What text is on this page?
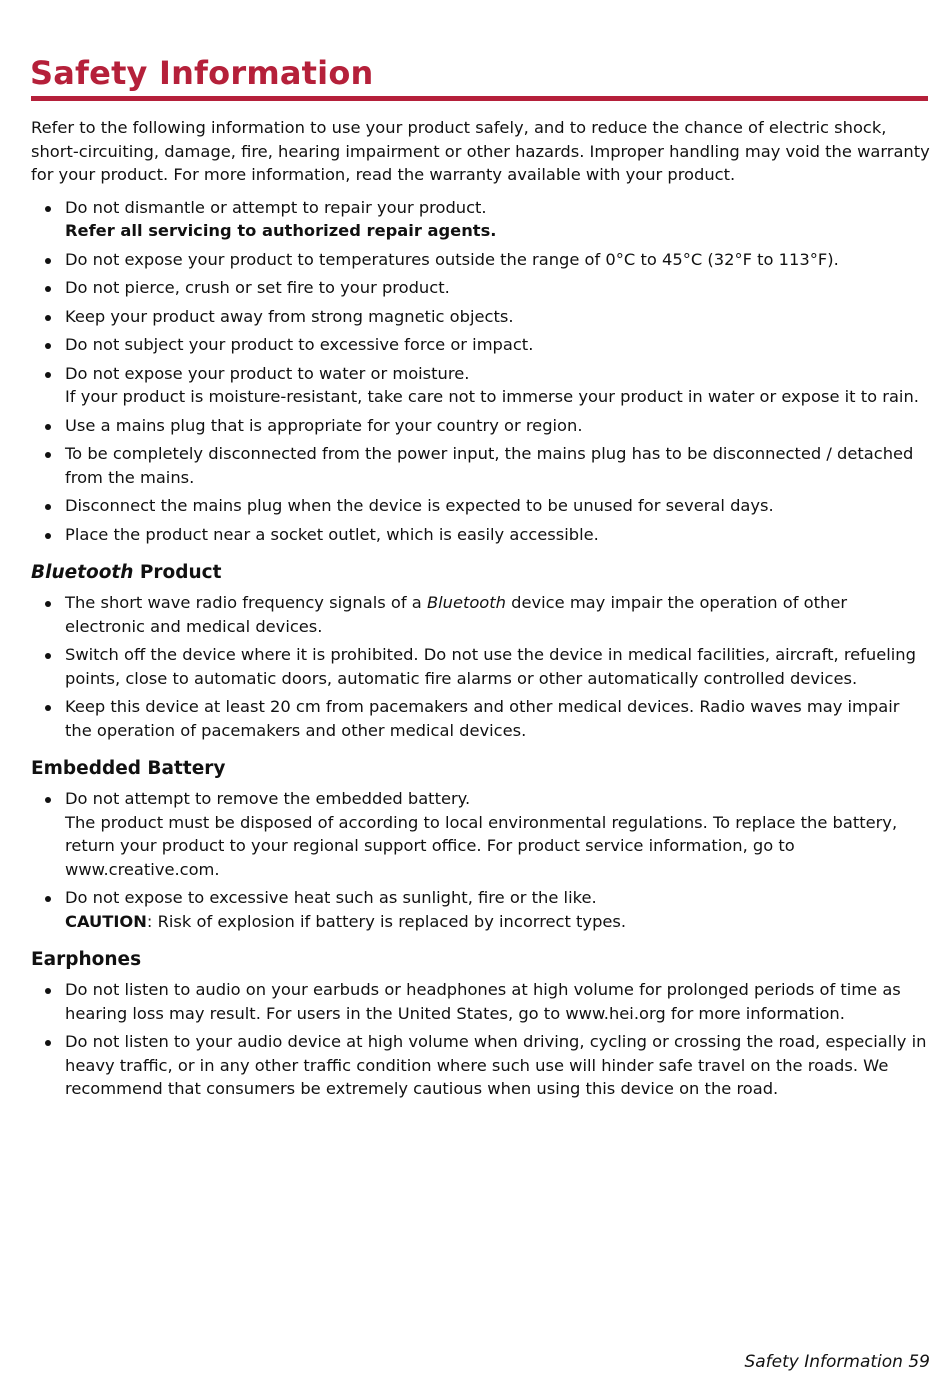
Safety Information

Refer to the following information to use your product safely, and to reduce the chance of electric shock, short-circuiting, damage, fire, hearing impairment or other hazards. Improper handling may void the warranty for your product. For more information, read the warranty available with your product.

Do not dismantle or attempt to repair your product.
Refer all servicing to authorized repair agents.
Do not expose your product to temperatures outside the range of 0°C to 45°C (32°F to 113°F).
Do not pierce, crush or set fire to your product.
Keep your product away from strong magnetic objects.
Do not subject your product to excessive force or impact.
Do not expose your product to water or moisture.
If your product is moisture-resistant, take care not to immerse your product in water or expose it to rain.
Use a mains plug that is appropriate for your country or region.
To be completely disconnected from the power input, the mains plug has to be disconnected / detached from the mains.
Disconnect the mains plug when the device is expected to be unused for several days.
Place the product near a socket outlet, which is easily accessible.
Bluetooth Product
The short wave radio frequency signals of a Bluetooth device may impair the operation of other electronic and medical devices.
Switch off the device where it is prohibited. Do not use the device in medical facilities, aircraft, refueling points, close to automatic doors, automatic fire alarms or other automatically controlled devices.
Keep this device at least 20 cm from pacemakers and other medical devices. Radio waves may impair the operation of pacemakers and other medical devices.
Embedded Battery
Do not attempt to remove the embedded battery.
The product must be disposed of according to local environmental regulations. To replace the battery, return your product to your regional support office. For product service information, go to www.creative.com.
Do not expose to excessive heat such as sunlight, fire or the like.
CAUTION: Risk of explosion if battery is replaced by incorrect types.
Earphones
Do not listen to audio on your earbuds or headphones at high volume for prolonged periods of time as hearing loss may result. For users in the United States, go to www.hei.org for more information.
Do not listen to your audio device at high volume when driving, cycling or crossing the road, especially in heavy traffic, or in any other traffic condition where such use will hinder safe travel on the roads. We recommend that consumers be extremely cautious when using this device on the road.
Safety Information 59
